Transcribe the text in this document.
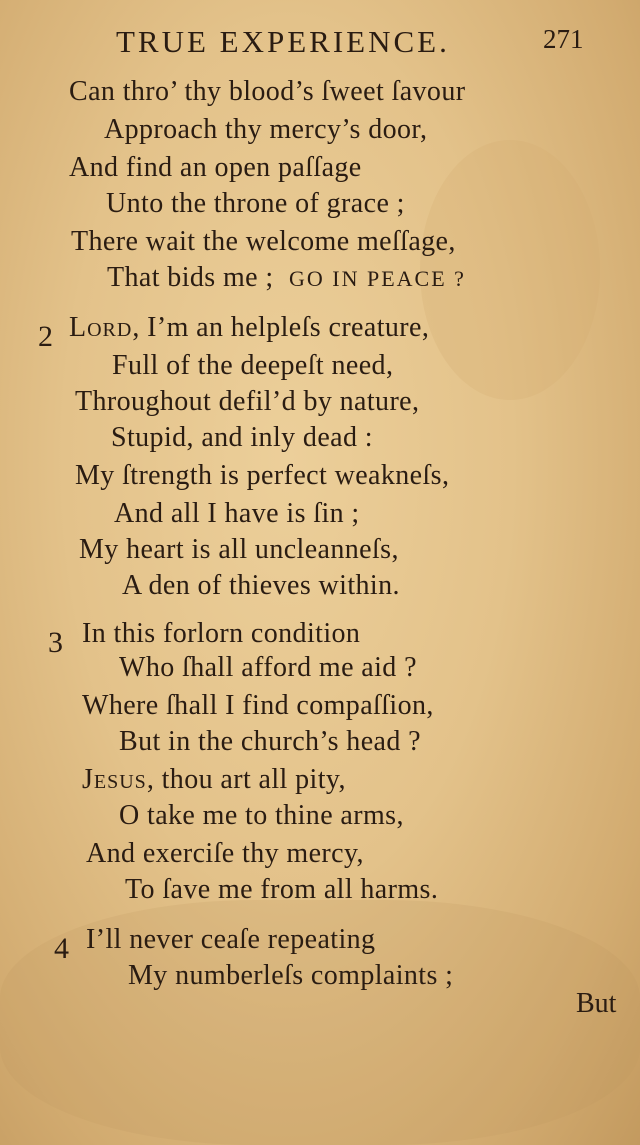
TRUE EXPERIENCE.	271
Can thro’ thy blood’s ſweet ſavour
Approach thy mercy’s door,
And find an open paſſage
Unto the throne of grace ;
There wait the welcome meſſage,
That bids me ; GO IN PEACE ?
2 Lord, I’m an helpleſs creature,
Full of the deepeſt need,
Throughout defil’d by nature,
Stupid, and inly dead :
My ſtrength is perfect weakneſs,
And all I have is ſin ;
My heart is all uncleanneſs,
A den of thieves within.
3 In this forlorn condition
Who ſhall afford me aid ?
Where ſhall I find compaſſion,
But in the church’s head ?
Jesus, thou art all pity,
O take me to thine arms,
And exerciſe thy mercy,
To ſave me from all harms.
4 I’ll never ceaſe repeating
My numberleſs complaints ;
But
